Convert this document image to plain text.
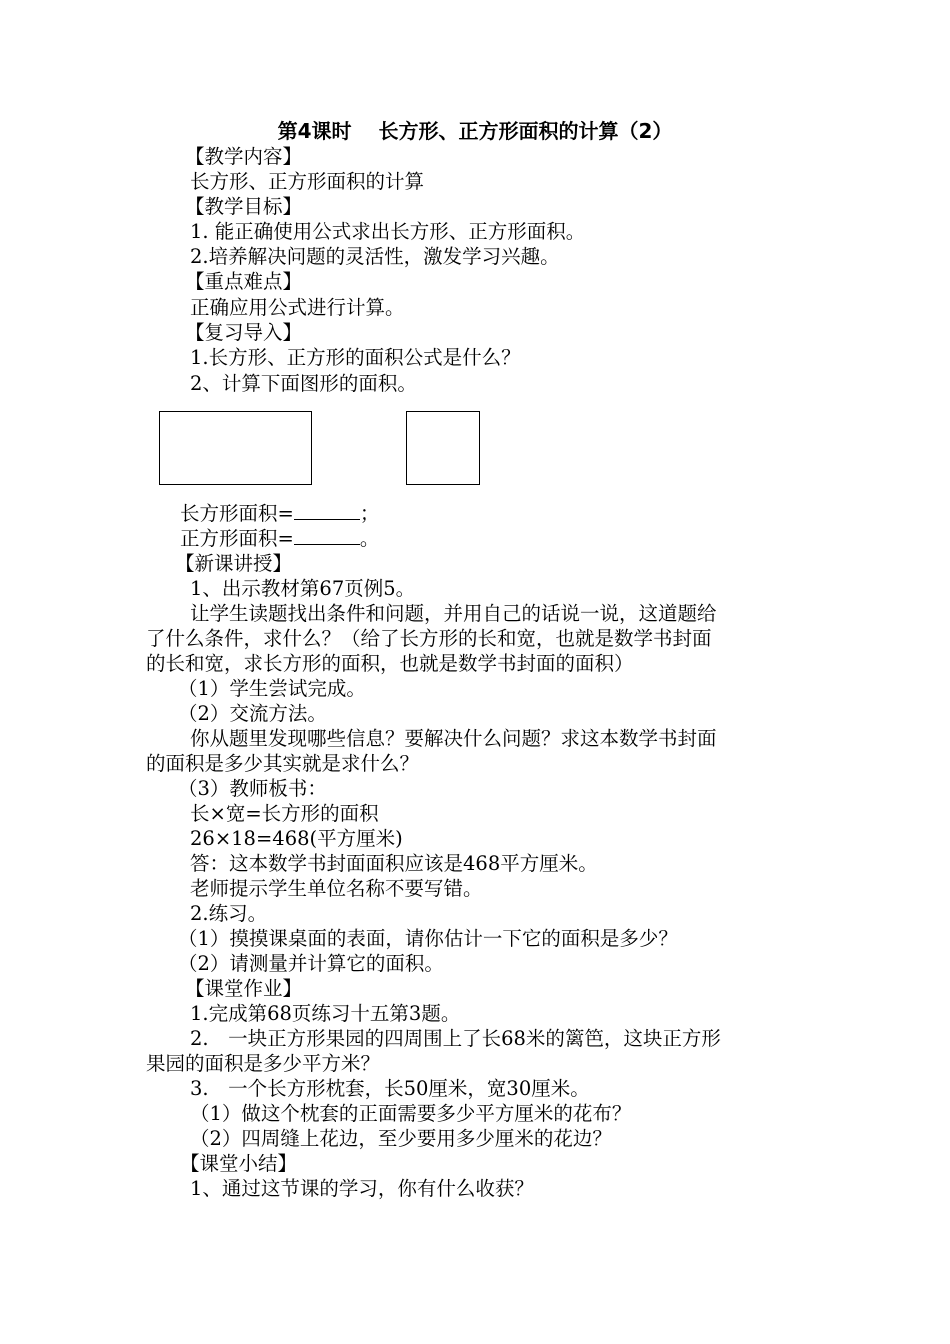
第4课时　 长方形、正方形面积的计算（2）
【教学内容】
长方形、正方形面积的计算
【教学目标】
1. 能正确使用公式求出长方形、正方形面积。
2.培养解决问题的灵活性，激发学习兴趣。
【重点难点】
正确应用公式进行计算。
【复习导入】
1.长方形、正方形的面积公式是什么？
2、计算下面图形的面积。
长方形面积=	；
正方形面积=	。
【新课讲授】
1、出示教材第67页例5。
让学生读题找出条件和问题，并用自己的话说一说，这道题给
了什么条件，求什么？（给了长方形的长和宽，也就是数学书封面
的长和宽，求长方形的面积，也就是数学书封面的面积）
（1）学生尝试完成。
（2）交流方法。
你从题里发现哪些信息？要解决什么问题？求这本数学书封面
的面积是多少其实就是求什么？
（3）教师板书：
长×宽=长方形的面积
26×18=468(平方厘米)
答：这本数学书封面面积应该是468平方厘米。
老师提示学生单位名称不要写错。
2.练习。
（1）摸摸课桌面的表面，请你估计一下它的面积是多少？
（2）请测量并计算它的面积。
【课堂作业】
1.完成第68页练习十五第3题。
2.　一块正方形果园的四周围上了长68米的篱笆，这块正方形
果园的面积是多少平方米？
3.　一个长方形枕套，长50厘米，宽30厘米。
（1）做这个枕套的正面需要多少平方厘米的花布？
（2）四周缝上花边，至少要用多少厘米的花边？
【课堂小结】
1、通过这节课的学习，你有什么收获？
